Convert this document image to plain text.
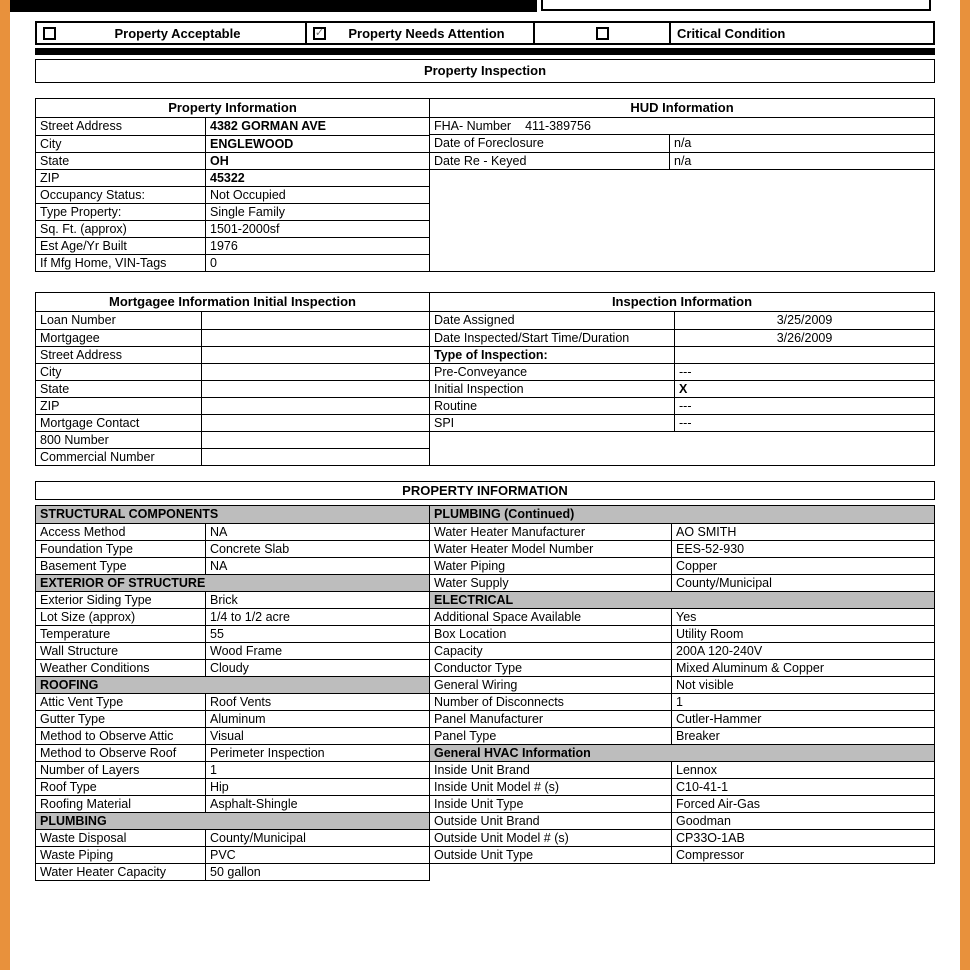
Property Acceptable	✓	Property Needs Attention	Critical Condition
Property Inspection
Property Information
Street Address	4382 GORMAN AVE
City	ENGLEWOOD
State	OH
ZIP	45322
Occupancy Status:	Not Occupied
Type Property:	Single Family
Sq. Ft. (approx)	1501-2000sf
Est Age/Yr Built	1976
If Mfg Home, VIN-Tags	0
HUD Information
FHA- Number 411-389756
Date of Foreclosure	n/a
Date Re - Keyed	n/a
Mortgagee Information Initial Inspection
Loan Number
Mortgagee
Street Address
City
State
ZIP
Mortgage Contact
800 Number
Commercial Number
Inspection Information
Date Assigned	3/25/2009
Date Inspected/Start Time/Duration	3/26/2009
Type of Inspection:
Pre-Conveyance	---
Initial Inspection	X
Routine	---
SPI	---
PROPERTY INFORMATION
STRUCTURAL COMPONENTS
Access Method	NA
Foundation Type	Concrete Slab
Basement Type	NA
EXTERIOR OF STRUCTURE
Exterior Siding Type	Brick
Lot Size (approx)	1/4 to 1/2 acre
Temperature	55
Wall Structure	Wood Frame
Weather Conditions	Cloudy
ROOFING
Attic Vent Type	Roof Vents
Gutter Type	Aluminum
Method to Observe Attic	Visual
Method to Observe Roof	Perimeter Inspection
Number of Layers	1
Roof Type	Hip
Roofing Material	Asphalt-Shingle
PLUMBING
Waste Disposal	County/Municipal
Waste Piping	PVC
Water Heater Capacity	50 gallon
PLUMBING (Continued)
Water Heater Manufacturer	AO SMITH
Water Heater Model Number	EES-52-930
Water Piping	Copper
Water Supply	County/Municipal
ELECTRICAL
Additional Space Available	Yes
Box Location	Utility Room
Capacity	200A 120-240V
Conductor Type	Mixed Aluminum & Copper
General Wiring	Not visible
Number of Disconnects	1
Panel Manufacturer	Cutler-Hammer
Panel Type	Breaker
General HVAC Information
Inside Unit Brand	Lennox
Inside Unit Model # (s)	C10-41-1
Inside Unit Type	Forced Air-Gas
Outside Unit Brand	Goodman
Outside Unit Model # (s)	CP33O-1AB
Outside Unit Type	Compressor
